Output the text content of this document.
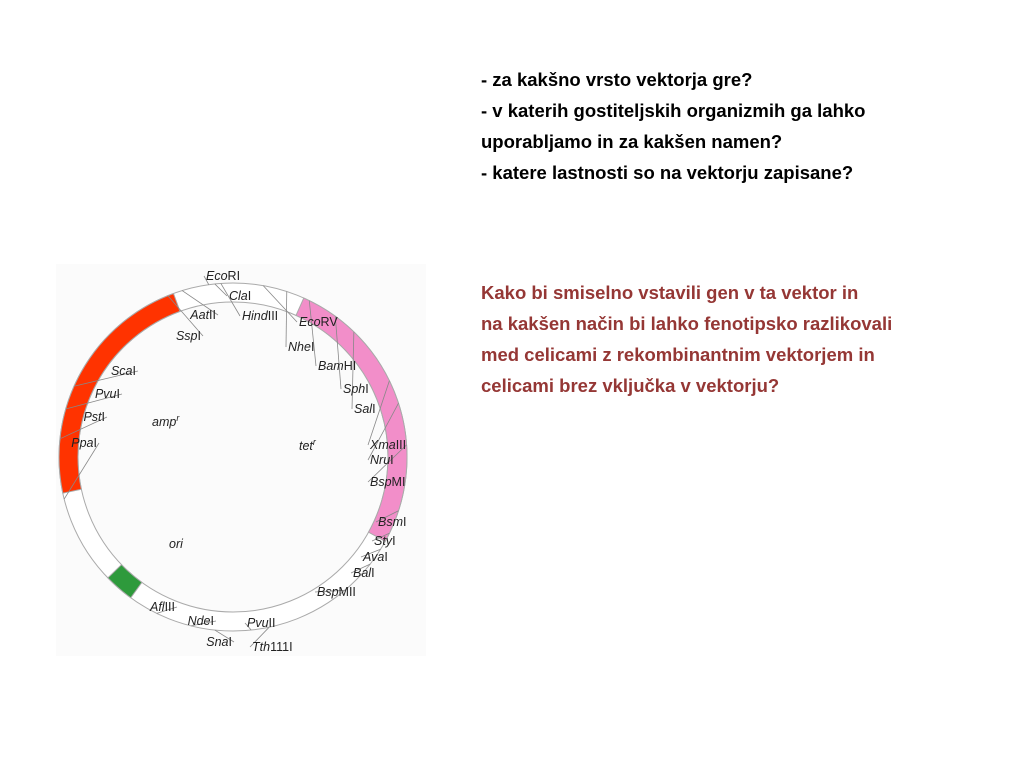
amp$^r$
tet$^r$
ori
EcoRI
ClaI
HindIII EcoRV
NheI
BamHI
SphI
SalI
XmaIII
NruI
BspMI
BsmI
StyI
AvaI
BalI
BspMII
Tth111I
PvuII
SnaI
NdeI
AflIII
PpaI
PstI
PvuI
ScaI
SspI
AatII
- za kakšno vrsto vektorja gre?
- v katerih gostiteljskih organizmih ga lahko
uporabljamo in za kakšen namen?
- katere lastnosti so na vektorju zapisane?
Kako bi smiselno vstavili gen v ta vektor in
na kakšen način bi lahko fenotipsko razlikovali
med celicami z rekombinantnim vektorjem in
celicami brez vključka v vektorju?
